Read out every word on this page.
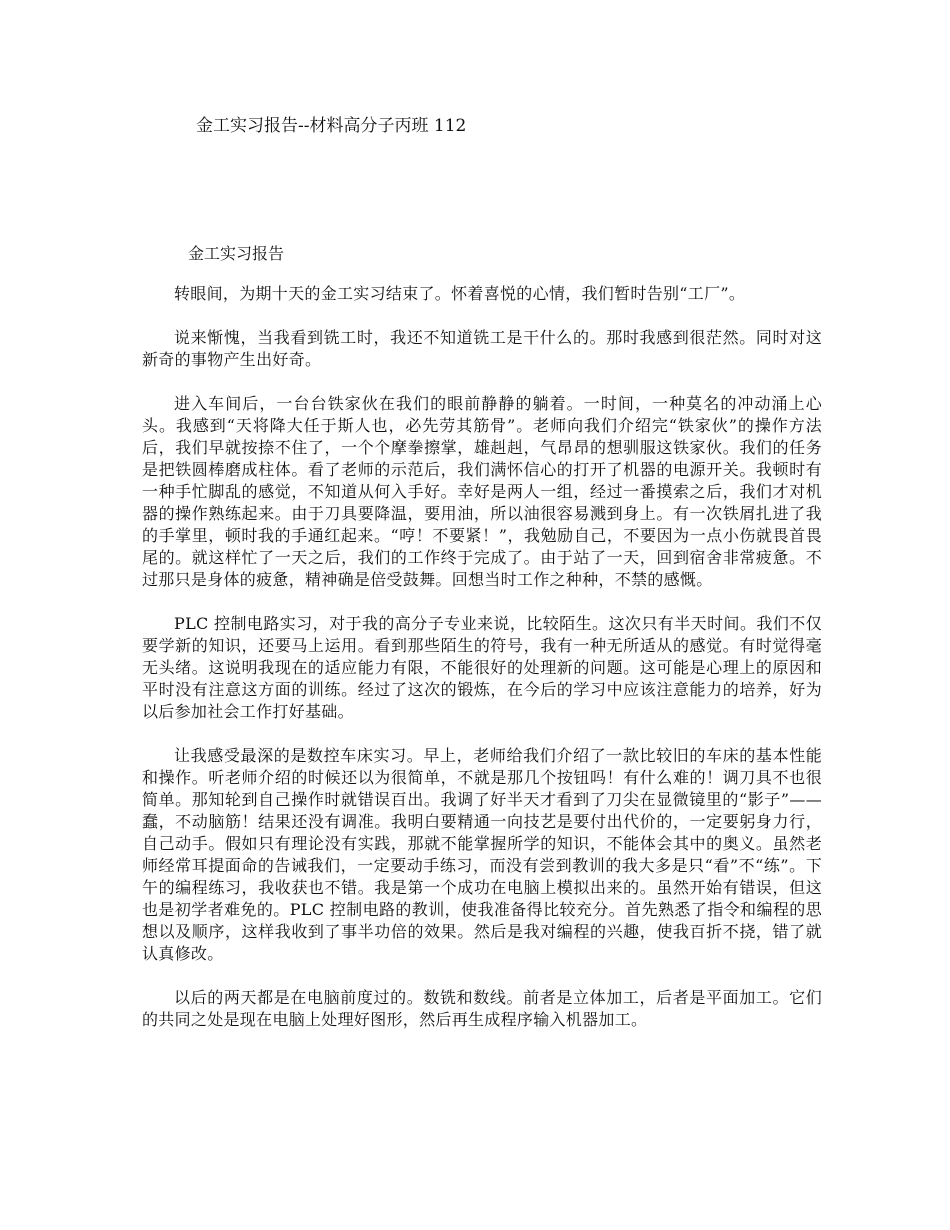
金工实习报告--材料高分子丙班 112
金工实习报告

转眼间，为期十天的金工实习结束了。怀着喜悦的心情，我们暂时告别“工厂”。

说来惭愧，当我看到铣工时，我还不知道铣工是干什么的。那时我感到很茫然。同时对这新奇的事物产生出好奇。

进入车间后，一台台铁家伙在我们的眼前静静的躺着。一时间，一种莫名的冲动涌上心头。我感到“天将降大任于斯人也，必先劳其筋骨”。老师向我们介绍完“铁家伙”的操作方法后，我们早就按捺不住了，一个个摩拳擦掌，雄赳赳，气昂昂的想驯服这铁家伙。我们的任务是把铁圆棒磨成柱体。看了老师的示范后，我们满怀信心的打开了机器的电源开关。我顿时有一种手忙脚乱的感觉，不知道从何入手好。幸好是两人一组，经过一番摸索之后，我们才对机器的操作熟练起来。由于刀具要降温，要用油，所以油很容易溅到身上。有一次铁屑扎进了我的手掌里，顿时我的手通红起来。“哼！不要紧！”，我勉励自己，不要因为一点小伤就畏首畏尾的。就这样忙了一天之后，我们的工作终于完成了。由于站了一天，回到宿舍非常疲惫。不过那只是身体的疲惫，精神确是倍受鼓舞。回想当时工作之种种，不禁的感慨。

PLC 控制电路实习，对于我的高分子专业来说，比较陌生。这次只有半天时间。我们不仅要学新的知识，还要马上运用。看到那些陌生的符号，我有一种无所适从的感觉。有时觉得毫无头绪。这说明我现在的适应能力有限，不能很好的处理新的问题。这可能是心理上的原因和平时没有注意这方面的训练。经过了这次的锻炼，在今后的学习中应该注意能力的培养，好为以后参加社会工作打好基础。

让我感受最深的是数控车床实习。早上，老师给我们介绍了一款比较旧的车床的基本性能和操作。听老师介绍的时候还以为很简单，不就是那几个按钮吗！有什么难的！调刀具不也很简单。那知轮到自己操作时就错误百出。我调了好半天才看到了刀尖在显微镜里的“影子”——蠢，不动脑筋！结果还没有调准。我明白要精通一向技艺是要付出代价的，一定要躬身力行，自己动手。假如只有理论没有实践，那就不能掌握所学的知识，不能体会其中的奥义。虽然老师经常耳提面命的告诫我们，一定要动手练习，而没有尝到教训的我大多是只“看”不“练”。下午的编程练习，我收获也不错。我是第一个成功在电脑上模拟出来的。虽然开始有错误，但这也是初学者难免的。PLC 控制电路的教训，使我准备得比较充分。首先熟悉了指令和编程的思想以及顺序，这样我收到了事半功倍的效果。然后是我对编程的兴趣，使我百折不挠，错了就认真修改。

以后的两天都是在电脑前度过的。数铣和数线。前者是立体加工，后者是平面加工。它们的共同之处是现在电脑上处理好图形，然后再生成程序输入机器加工。
